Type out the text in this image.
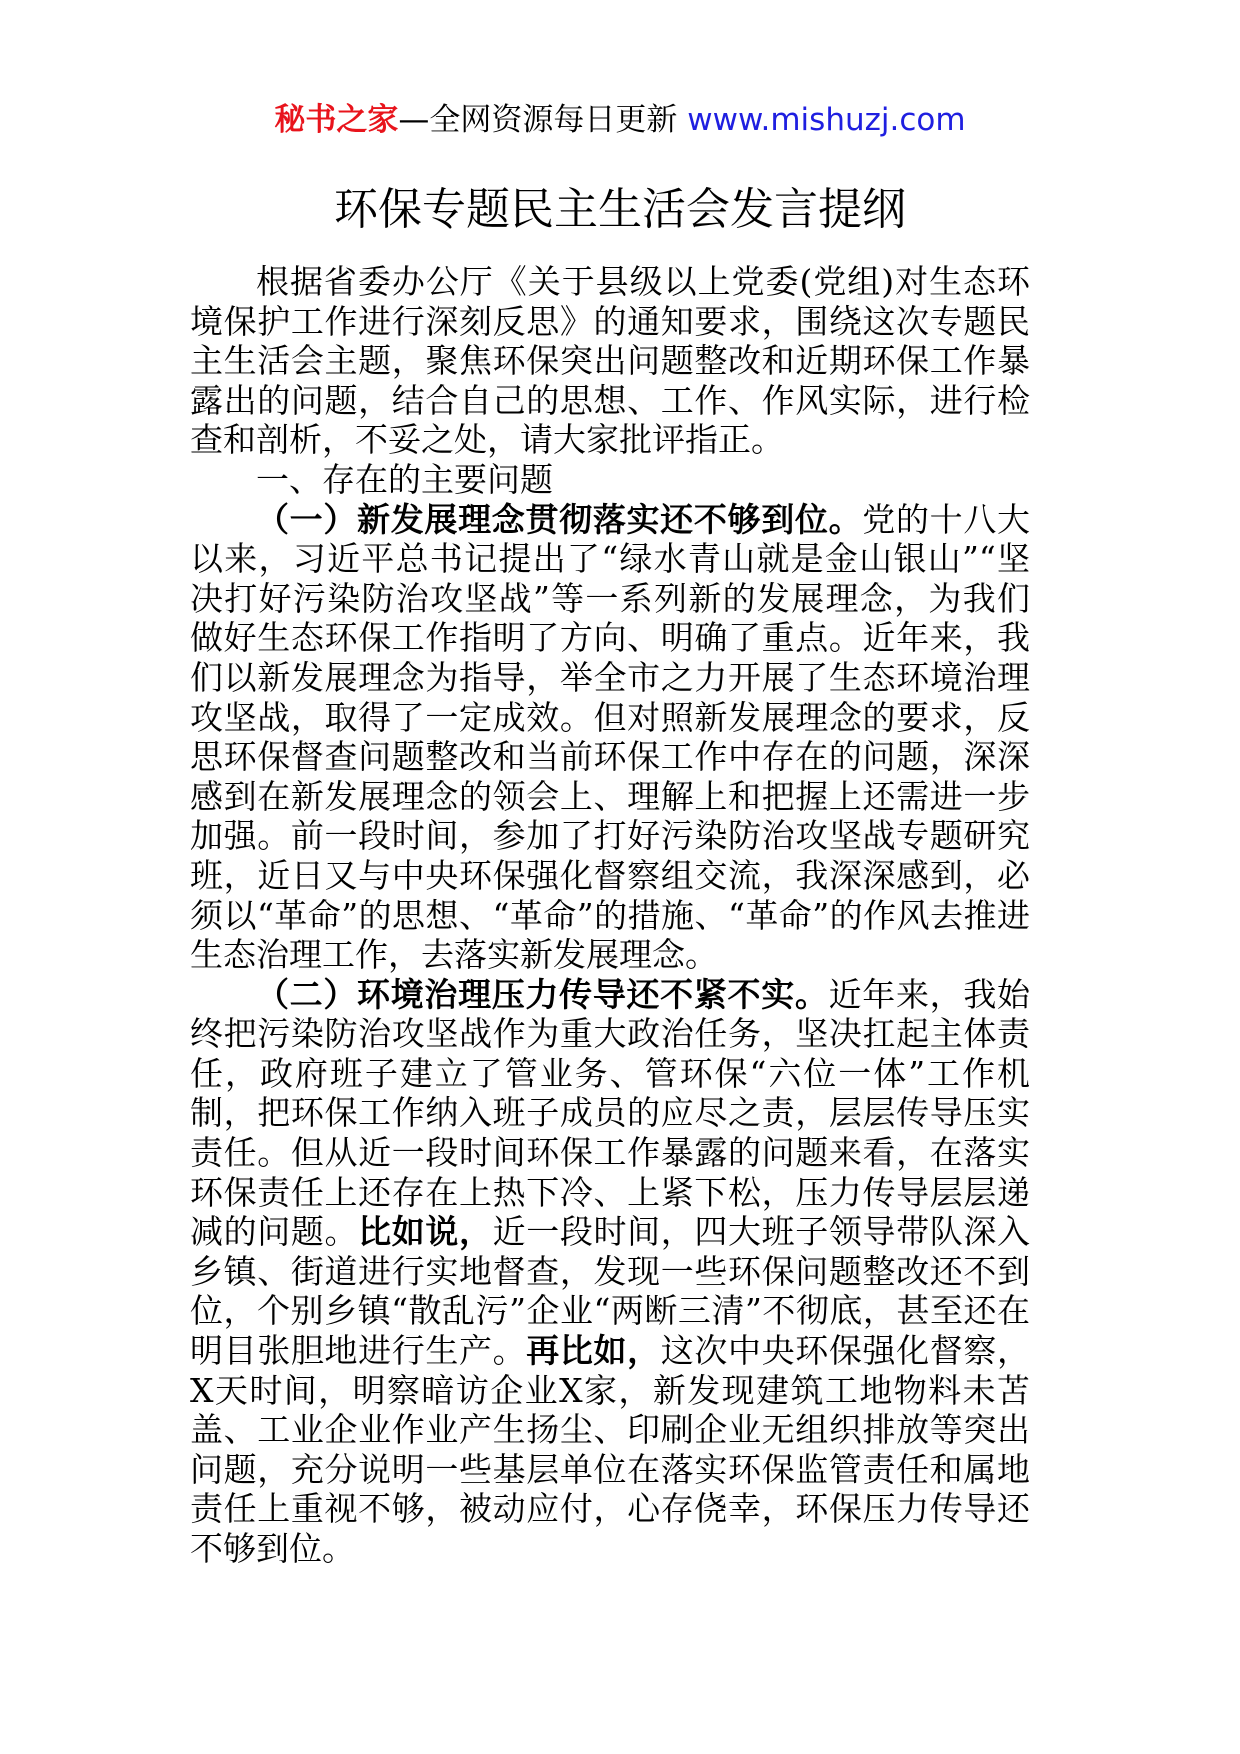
秘书之家—全网资源每日更新 www.mishuzj.com
环保专题民主生活会发言提纲

根据省委办公厅《关于县级以上党委(党组)对生态环境保护工作进行深刻反思》的通知要求，围绕这次专题民主生活会主题，聚焦环保突出问题整改和近期环保工作暴露出的问题，结合自己的思想、工作、作风实际，进行检查和剖析，不妥之处，请大家批评指正。

一、存在的主要问题

（一）新发展理念贯彻落实还不够到位。党的十八大以来，习近平总书记提出了“绿水青山就是金山银山”“坚决打好污染防治攻坚战”等一系列新的发展理念，为我们做好生态环保工作指明了方向、明确了重点。近年来，我们以新发展理念为指导，举全市之力开展了生态环境治理攻坚战，取得了一定成效。但对照新发展理念的要求，反思环保督查问题整改和当前环保工作中存在的问题，深深感到在新发展理念的领会上、理解上和把握上还需进一步加强。前一段时间，参加了打好污染防治攻坚战专题研究班，近日又与中央环保强化督察组交流，我深深感到，必须以“革命”的思想、“革命”的措施、“革命”的作风去推进生态治理工作，去落实新发展理念。

（二）环境治理压力传导还不紧不实。近年来，我始终把污染防治攻坚战作为重大政治任务，坚决扛起主体责任，政府班子建立了管业务、管环保“六位一体”工作机制，把环保工作纳入班子成员的应尽之责，层层传导压实责任。但从近一段时间环保工作暴露的问题来看，在落实环保责任上还存在上热下冷、上紧下松，压力传导层层递减的问题。比如说，近一段时间，四大班子领导带队深入乡镇、街道进行实地督查，发现一些环保问题整改还不到位，个别乡镇“散乱污”企业“两断三清”不彻底，甚至还在明目张胆地进行生产。再比如，这次中央环保强化督察，X天时间，明察暗访企业X家，新发现建筑工地物料未苫盖、工业企业作业产生扬尘、印刷企业无组织排放等突出问题，充分说明一些基层单位在落实环保监管责任和属地责任上重视不够，被动应付，心存侥幸，环保压力传导还不够到位。
